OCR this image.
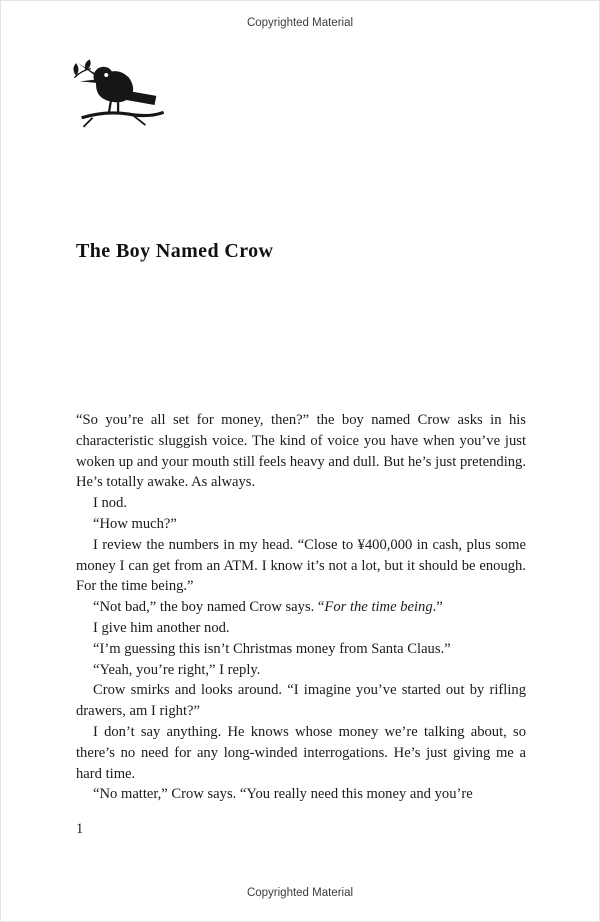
Copyrighted Material
The Boy Named Crow

“So you’re all set for money, then?” the boy named Crow asks in his characteristic sluggish voice. The kind of voice you have when you’ve just woken up and your mouth still feels heavy and dull. But he’s just pretending. He’s totally awake. As always.

I nod.

“How much?”

I review the numbers in my head. “Close to ¥400,000 in cash, plus some money I can get from an ATM. I know it’s not a lot, but it should be enough. For the time being.”

“Not bad,” the boy named Crow says. “For the time being.”

I give him another nod.

“I’m guessing this isn’t Christmas money from Santa Claus.”

“Yeah, you’re right,” I reply.

Crow smirks and looks around. “I imagine you’ve started out by rifling drawers, am I right?”

I don’t say anything. He knows whose money we’re talking about, so there’s no need for any long-winded interrogations. He’s just giving me a hard time.

“No matter,” Crow says. “You really need this money and you’re

1
Copyrighted Material
